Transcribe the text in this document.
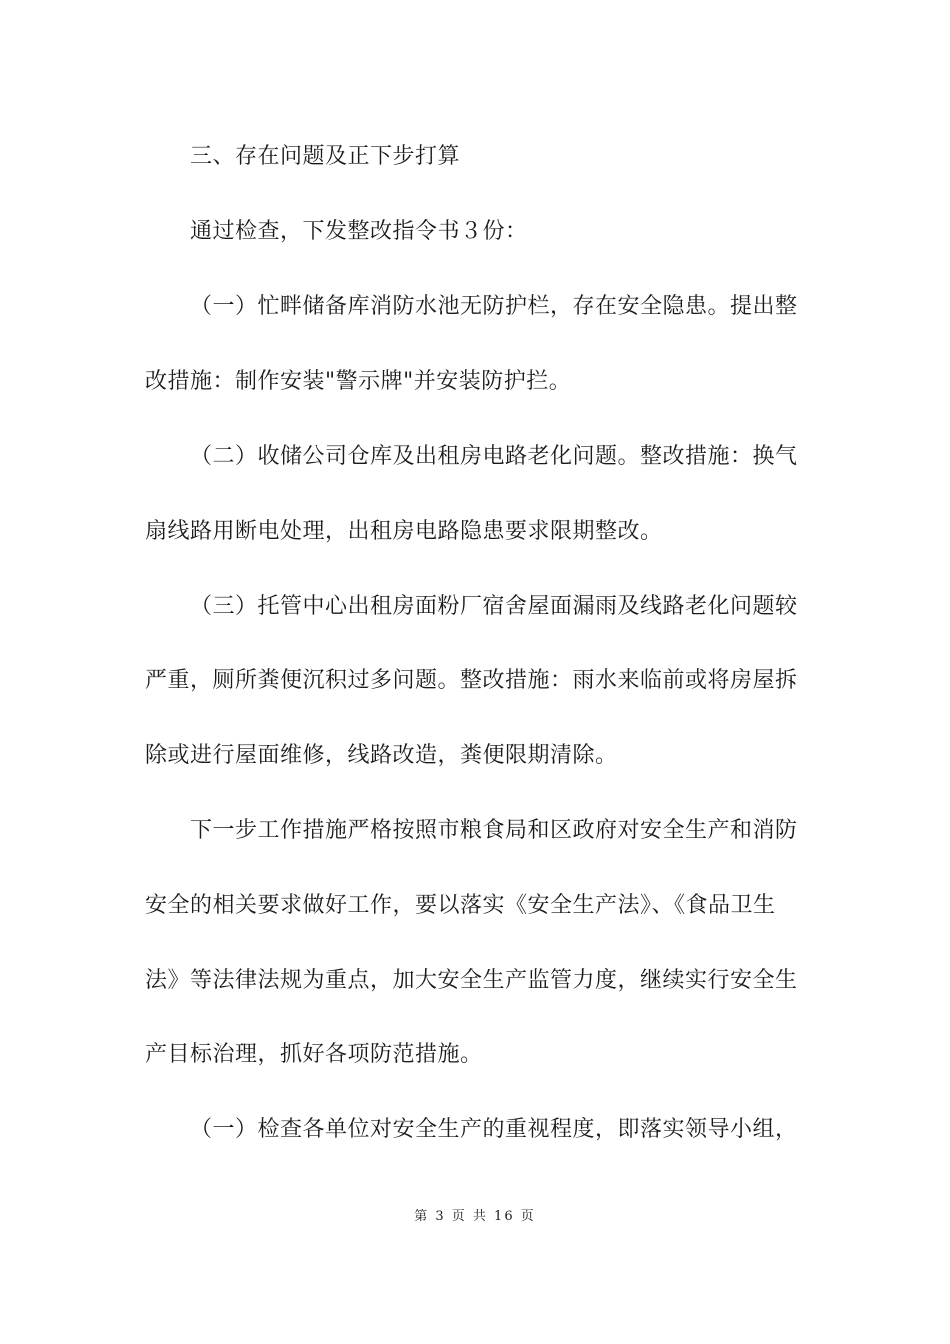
三、存在问题及正下步打算
通过检查，下发整改指令书３份：
（一）忙畔储备库消防水池无防护栏，存在安全隐患。提出整
改措施：制作安装"警示牌"并安装防护拦。
（二）收储公司仓库及出租房电路老化问题。整改措施：换气
扇线路用断电处理，出租房电路隐患要求限期整改。
（三）托管中心出租房面粉厂宿舍屋面漏雨及线路老化问题较
严重，厕所粪便沉积过多问题。整改措施：雨水来临前或将房屋拆
除或进行屋面维修，线路改造，粪便限期清除。
下一步工作措施严格按照市粮食局和区政府对安全生产和消防
安全的相关要求做好工作，要以落实《安全生产法》、《食品卫生
法》等法律法规为重点，加大安全生产监管力度，继续实行安全生
产目标治理，抓好各项防范措施。
（一）检查各单位对安全生产的重视程度，即落实领导小组，
第 3 页 共 16 页
